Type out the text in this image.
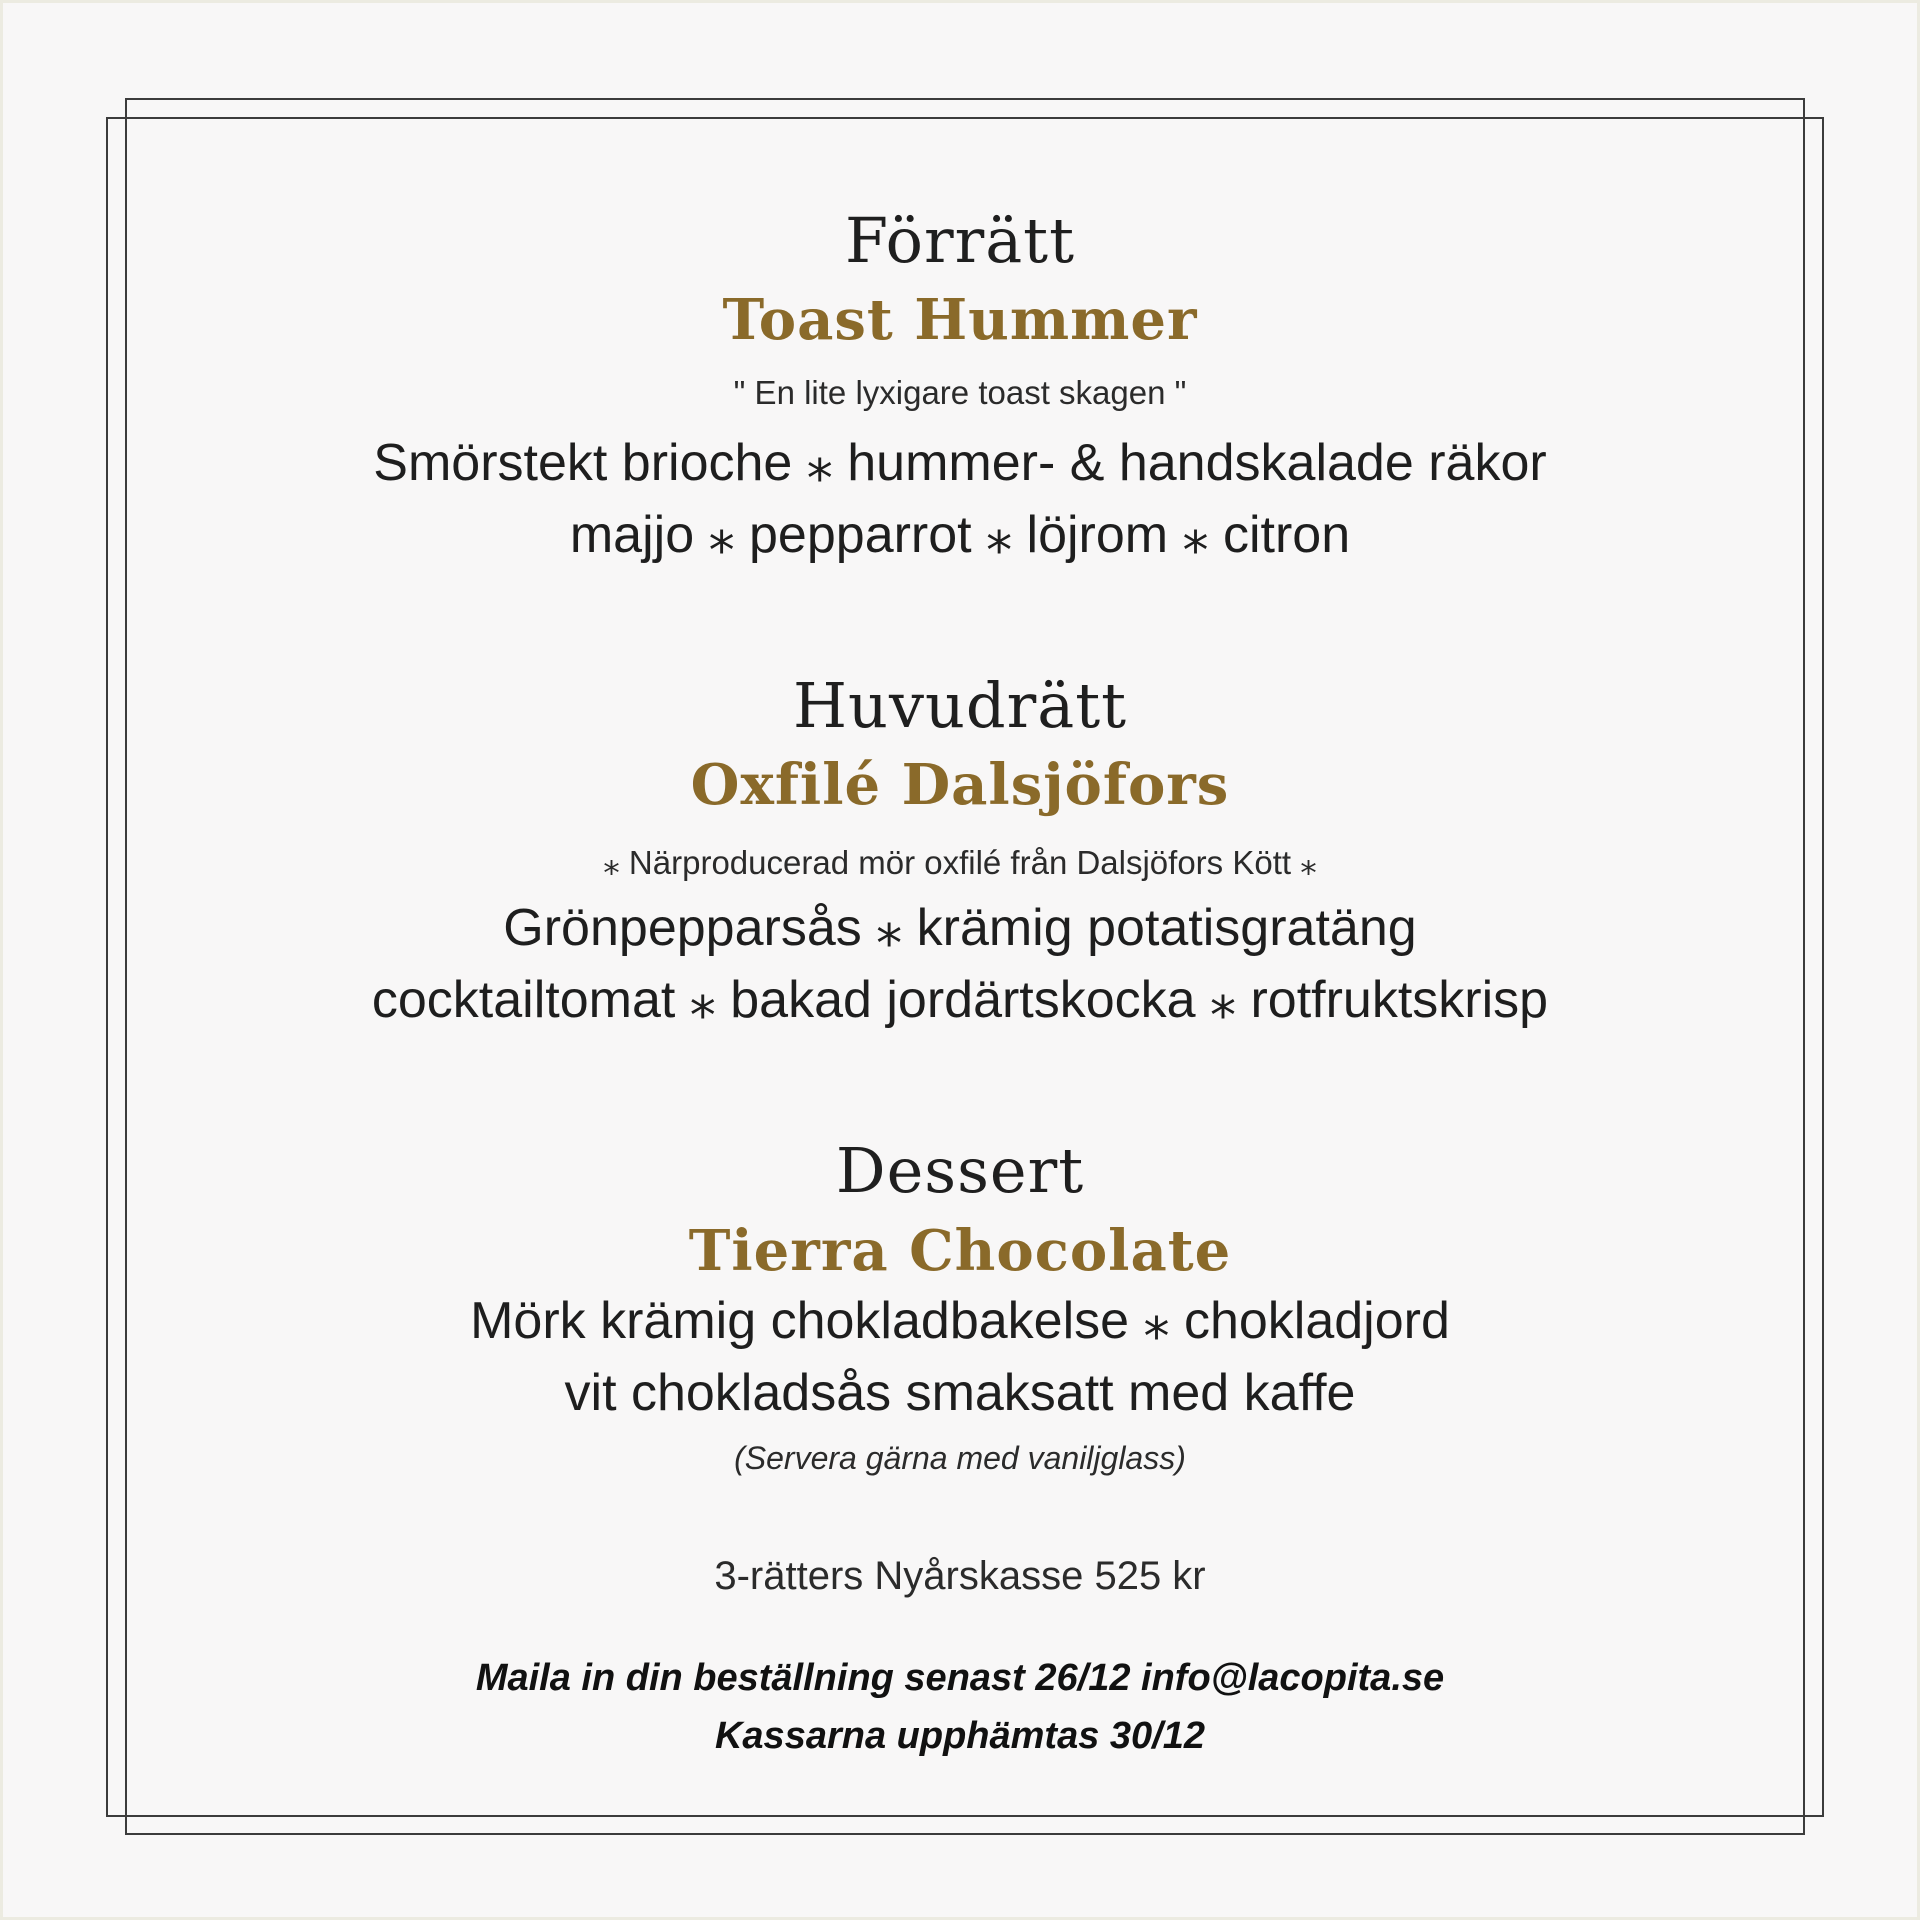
Förrätt
Toast Hummer
" En lite lyxigare toast skagen "
Smörstekt brioche ⁎ hummer- & handskalade räkor
majjo ⁎ pepparrot ⁎ löjrom ⁎ citron
Huvudrätt
Oxfilé Dalsjöfors
⁎ Närproducerad mör oxfilé från Dalsjöfors Kött ⁎
Grönpepparsås ⁎ krämig potatisgratäng
cocktailtomat ⁎ bakad jordärtskocka ⁎ rotfruktskrisp
Dessert
Tierra Chocolate
Mörk krämig chokladbakelse ⁎ chokladjord
vit chokladsås smaksatt med kaffe
(Servera gärna med vaniljglass)
3-rätters Nyårskasse 525 kr
Maila in din beställning senast 26/12 info@lacopita.se
Kassarna upphämtas 30/12
